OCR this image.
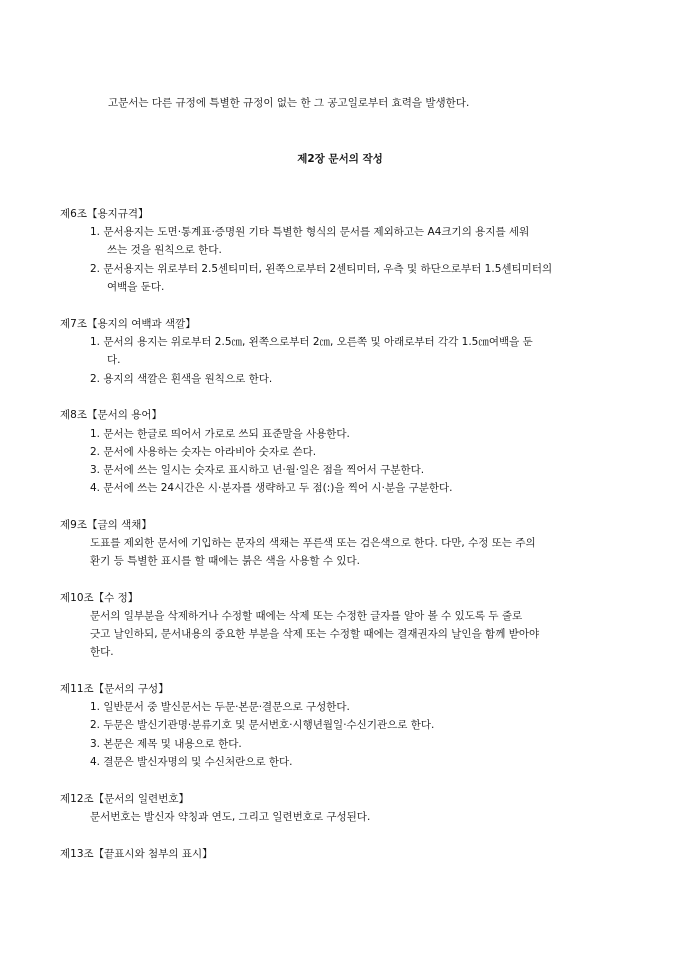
고문서는 다른 규정에 특별한 규정이 없는 한 그 공고일로부터 효력을 발생한다.
제2장 문서의 작성
제6조【용지규격】
1. 문서용지는 도면·통계표·증명원 기타 특별한 형식의 문서를 제외하고는 A4크기의 용지를 세워
쓰는 것을 원칙으로 한다.
2. 문서용지는 위로부터 2.5센티미터, 왼쪽으로부터 2센티미터, 우측 및 하단으로부터 1.5센티미터의
여백을 둔다.
제7조【용지의 여백과 색깔】
1. 문서의 용지는 위로부터 2.5㎝, 왼쪽으로부터 2㎝, 오른쪽 및 아래로부터 각각 1.5㎝여백을 둔
다.
2. 용지의 색깔은 흰색을 원칙으로 한다.
제8조【문서의 용어】
1. 문서는 한글로 띄어서 가로로 쓰되 표준말을 사용한다.
2. 문서에 사용하는 숫자는 아라비아 숫자로 쓴다.
3. 문서에 쓰는 일시는 숫자로 표시하고 년·월·일은 점을 찍어서 구분한다.
4. 문서에 쓰는 24시간은 시·분자를 생략하고 두 점(:)을 찍어 시·분을 구분한다.
제9조【글의 색채】
도표를 제외한 문서에 기입하는 문자의 색채는 푸른색 또는 검은색으로 한다. 다만, 수정 또는 주의
환기 등 특별한 표시를 할 때에는 붉은 색을 사용할 수 있다.
제10조【수 정】
문서의 일부분을 삭제하거나 수정할 때에는 삭제 또는 수정한 글자를 알아 볼 수 있도록 두 줄로
긋고 날인하되, 문서내용의 중요한 부분을 삭제 또는 수정할 때에는 결재권자의 날인을 함께 받아야
한다.
제11조【문서의 구성】
1. 일반문서 중 발신문서는 두문·본문·결문으로 구성한다.
2. 두문은 발신기관명·분류기호 및 문서번호·시행년월일·수신기관으로 한다.
3. 본문은 제목 및 내용으로 한다.
4. 결문은 발신자명의 및 수신처란으로 한다.
제12조【문서의 일련번호】
문서번호는 발신자 약칭과 연도, 그리고 일련번호로 구성된다.
제13조【끝표시와 첨부의 표시】
